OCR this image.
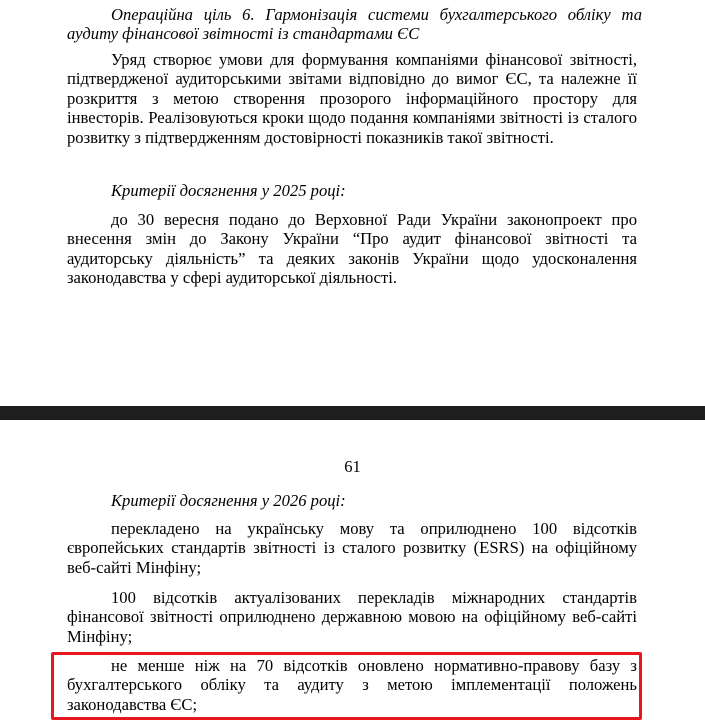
Операційна ціль 6. Гармонізація системи бухгалтерського обліку та аудиту фінансової звітності із стандартами ЄС

Уряд створює умови для формування компаніями фінансової звітності, підтвердженої аудиторськими звітами відповідно до вимог ЄС, та належне її розкриття з метою створення прозорого інформаційного простору для інвесторів. Реалізовуються кроки щодо подання компаніями звітності із сталого розвитку з підтвердженням достовірності показників такої звітності.

Критерії досягнення у 2025 році:

до 30 вересня подано до Верховної Ради України законопроект про внесення змін до Закону України “Про аудит фінансової звітності та аудиторську діяльність” та деяких законів України щодо удосконалення законодавства у сфері аудиторської діяльності.

61

Критерії досягнення у 2026 році:

перекладено на українську мову та оприлюднено 100 відсотків європейських стандартів звітності із сталого розвитку (ESRS) на офіційному веб-сайті Мінфіну;

100 відсотків актуалізованих перекладів міжнародних стандартів фінансової звітності оприлюднено державною мовою на офіційному веб-сайті Мінфіну;

не менше ніж на 70 відсотків оновлено нормативно-правову базу з бухгалтерського обліку та аудиту з метою імплементації положень законодавства ЄС;
